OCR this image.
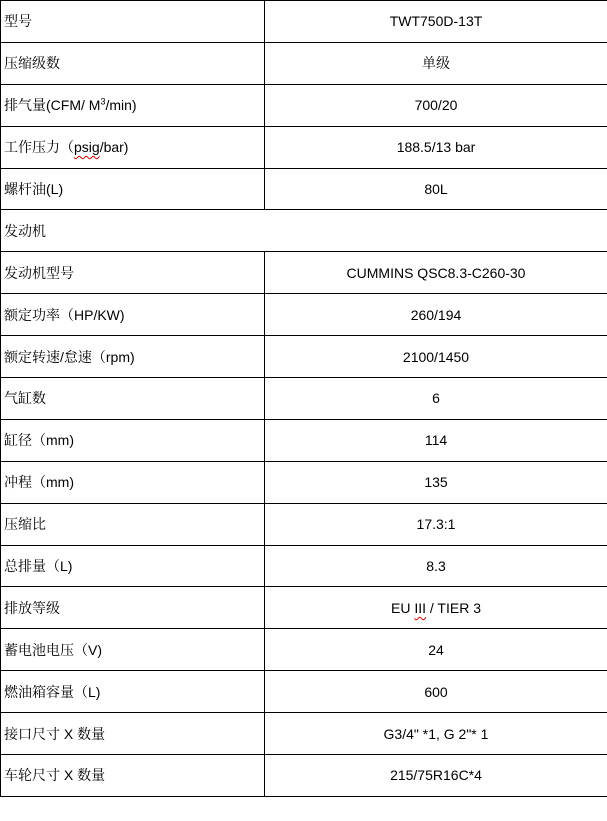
型号	TWT750D-13T
压缩级数	单级
排气量(CFM/ $M^3/\min$)	700/20
工作压力（psig/bar)	188.5/13 bar
螺杆油(L)	80L
发动机	
发动机型号	CUMMINS QSC8.3-C260-30
额定功率（HP/KW)	260/194
额定转速/怠速（rpm)	2100/1450
气缸数	6
缸径（mm)	114
冲程（mm)	135
压缩比	17.3:1
总排量（L)	8.3
排放等级	EU III / TIER 3
蓄电池电压（V)	24
燃油箱容量（L)	600
接口尺寸 X 数量	G3/4" *1, G 2"* 1
车轮尺寸 X 数量	215/75R16C*4
